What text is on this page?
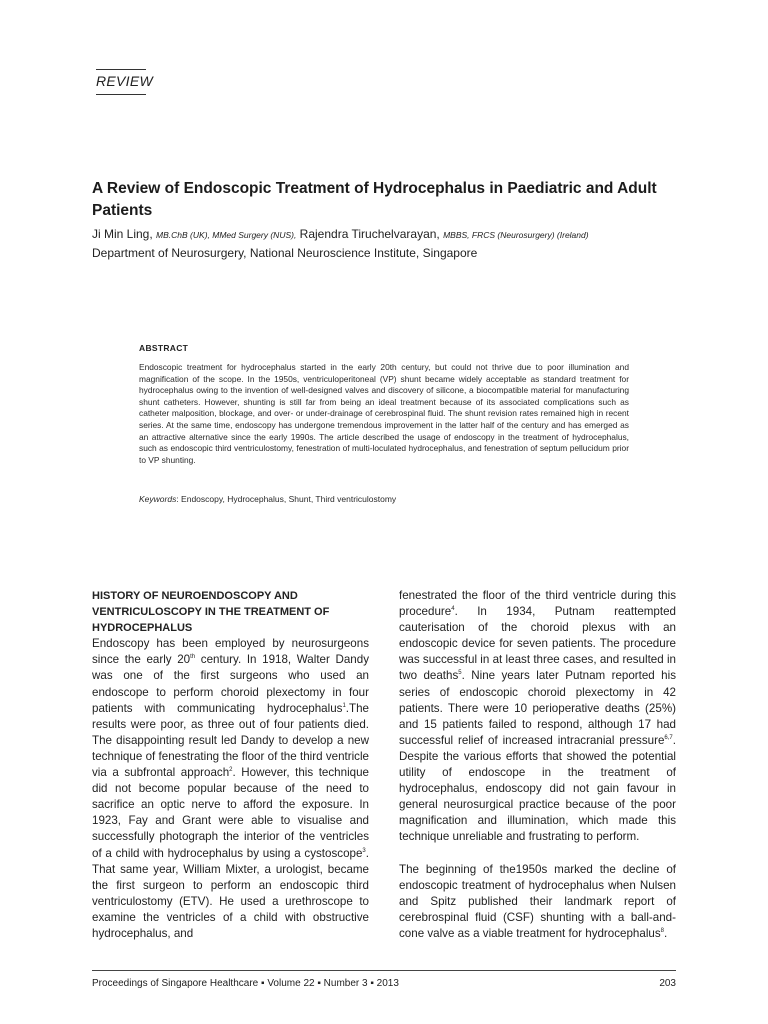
REVIEW
A Review of Endoscopic Treatment of Hydrocephalus in Paediatric and Adult Patients
Ji Min Ling, MB.ChB (UK), MMed Surgery (NUS), Rajendra Tiruchelvarayan, MBBS, FRCS (Neurosurgery) (Ireland)
Department of Neurosurgery, National Neuroscience Institute, Singapore
ABSTRACT
Endoscopic treatment for hydrocephalus started in the early 20th century, but could not thrive due to poor illumination and magnification of the scope. In the 1950s, ventriculoperitoneal (VP) shunt became widely acceptable as standard treatment for hydrocephalus owing to the invention of well-designed valves and discovery of silicone, a biocompatible material for manufacturing shunt catheters. However, shunting is still far from being an ideal treatment because of its associated complications such as catheter malposition, blockage, and over- or under-drainage of cerebrospinal fluid. The shunt revision rates remained high in recent series. At the same time, endoscopy has undergone tremendous improvement in the latter half of the century and has emerged as an attractive alternative since the early 1990s. The article described the usage of endoscopy in the treatment of hydrocephalus, such as endoscopic third ventriculostomy, fenestration of multi-loculated hydrocephalus, and fenestration of septum pellucidum prior to VP shunting.
Keywords: Endoscopy, Hydrocephalus, Shunt, Third ventriculostomy
HISTORY OF NEUROENDOSCOPY AND VENTRICULOSCOPY IN THE TREATMENT OF HYDROCEPHALUS

Endoscopy has been employed by neurosurgeons since the early 20th century. In 1918, Walter Dandy was one of the first surgeons who used an endoscope to perform choroid plexectomy in four patients with communicating hydrocephalus$^1$.The results were poor, as three out of four patients died. The disappointing result led Dandy to develop a new technique of fenestrating the floor of the third ventricle via a subfrontal approach$^2$. However, this technique did not become popular because of the need to sacrifice an optic nerve to afford the exposure. In 1923, Fay and Grant were able to visualise and successfully photograph the interior of the ventricles of a child with hydrocephalus by using a cystoscope$^3$. That same year, William Mixter, a urologist, became the first surgeon to perform an endoscopic third ventriculostomy (ETV). He used a urethroscope to examine the ventricles of a child with obstructive hydrocephalus, and

fenestrated the floor of the third ventricle during this procedure$^4$. In 1934, Putnam reattempted cauterisation of the choroid plexus with an endoscopic device for seven patients. The procedure was successful in at least three cases, and resulted in two deaths$^5$. Nine years later Putnam reported his series of endoscopic choroid plexectomy in 42 patients. There were 10 perioperative deaths (25%) and 15 patients failed to respond, although 17 had successful relief of increased intracranial pressure$^{6,7}$. Despite the various efforts that showed the potential utility of endoscope in the treatment of hydrocephalus, endoscopy did not gain favour in general neurosurgical practice because of the poor magnification and illumination, which made this technique unreliable and frustrating to perform.

The beginning of the1950s marked the decline of endoscopic treatment of hydrocephalus when Nulsen and Spitz published their landmark report of cerebrospinal fluid (CSF) shunting with a ball-and-cone valve as a viable treatment for hydrocephalus$^8$.

Proceedings of Singapore Healthcare ▪ Volume 22 ▪ Number 3 ▪ 2013	203
